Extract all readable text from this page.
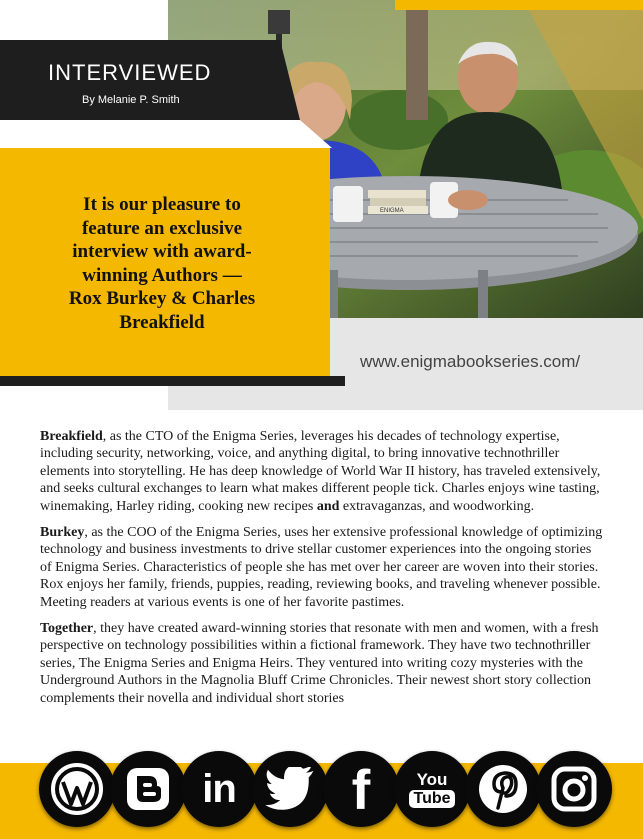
ENIGMA
INTERVIEWED
By Melanie P. Smith
It is our pleasure to
feature an exclusive
interview with award-
winning Authors —
Rox Burkey & Charles
Breakfield
www.enigmabookseries.com/

Breakfield, as the CTO of the Enigma Series, leverages his decades of technology expertise, including security, networking, voice, and anything digital, to bring innovative technothriller elements into storytelling. He has deep knowledge of World War II history, has traveled extensively, and seeks cultural exchanges to learn what makes different people tick. Charles enjoys wine tasting, winemaking, Harley riding, cooking new recipes and extravaganzas, and woodworking.

Burkey, as the COO of the Enigma Series, uses her extensive professional knowledge of optimizing technology and business investments to drive stellar customer experiences into the ongoing stories of Enigma Series. Characteristics of people she has met over her career are woven into their stories. Rox enjoys her family, friends, puppies, reading, reviewing books, and traveling whenever possible. Meeting readers at various events is one of her favorite pastimes.

Together, they have created award-winning stories that resonate with men and women, with a fresh perspective on technology possibilities within a fictional framework. They have two technothriller series, The Enigma Series and Enigma Heirs. They ventured into writing cozy mysteries with the Underground Authors in the Magnolia Bluff Crime Chronicles. Their newest short story collection complements their novella and individual short stories

in	f	You
Tube
